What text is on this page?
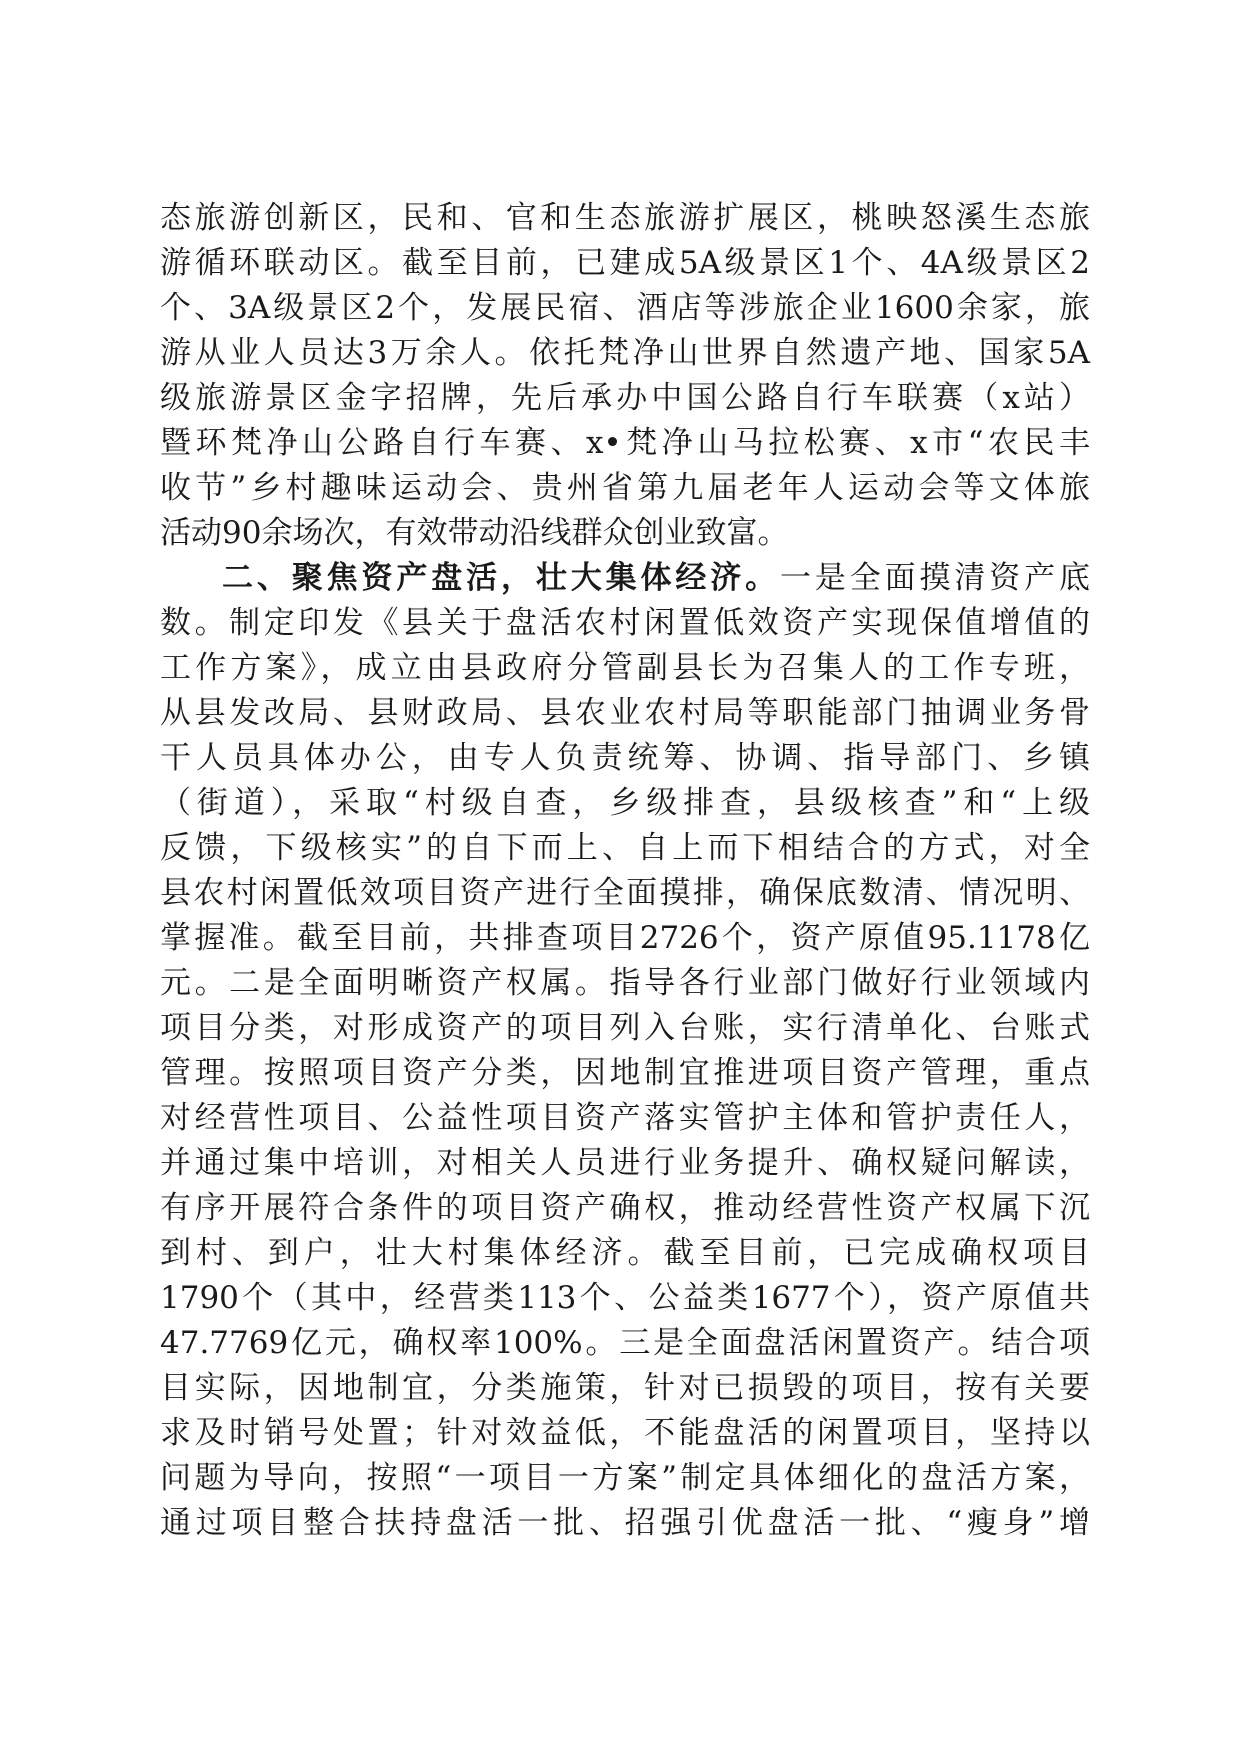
态旅游创新区，民和、官和生态旅游扩展区，桃映怒溪生态旅
游循环联动区。截至目前，已建成5A级景区1个、4A级景区2
个、3A级景区2个，发展民宿、酒店等涉旅企业1600余家，旅
游从业人员达3万余人。依托梵净山世界自然遗产地、国家5A
级旅游景区金字招牌，先后承办中国公路自行车联赛（x站）
暨环梵净山公路自行车赛、x•梵净山马拉松赛、x市“农民丰
收节”乡村趣味运动会、贵州省第九届老年人运动会等文体旅
活动90余场次，有效带动沿线群众创业致富。
二、聚焦资产盘活，壮大集体经济。一是全面摸清资产底
数。制定印发《县关于盘活农村闲置低效资产实现保值增值的
工作方案》，成立由县政府分管副县长为召集人的工作专班，
从县发改局、县财政局、县农业农村局等职能部门抽调业务骨
干人员具体办公，由专人负责统筹、协调、指导部门、乡镇
（街道），采取“村级自查，乡级排查，县级核查”和“上级
反馈，下级核实”的自下而上、自上而下相结合的方式，对全
县农村闲置低效项目资产进行全面摸排，确保底数清、情况明、
掌握准。截至目前，共排查项目2726个，资产原值95.1178亿
元。二是全面明晰资产权属。指导各行业部门做好行业领域内
项目分类，对形成资产的项目列入台账，实行清单化、台账式
管理。按照项目资产分类，因地制宜推进项目资产管理，重点
对经营性项目、公益性项目资产落实管护主体和管护责任人，
并通过集中培训，对相关人员进行业务提升、确权疑问解读，
有序开展符合条件的项目资产确权，推动经营性资产权属下沉
到村、到户，壮大村集体经济。截至目前，已完成确权项目
1790个（其中，经营类113个、公益类1677个），资产原值共
47.7769亿元，确权率100%。三是全面盘活闲置资产。结合项
目实际，因地制宜，分类施策，针对已损毁的项目，按有关要
求及时销号处置；针对效益低，不能盘活的闲置项目，坚持以
问题为导向，按照“一项目一方案”制定具体细化的盘活方案，
通过项目整合扶持盘活一批、招强引优盘活一批、“瘦身”增
